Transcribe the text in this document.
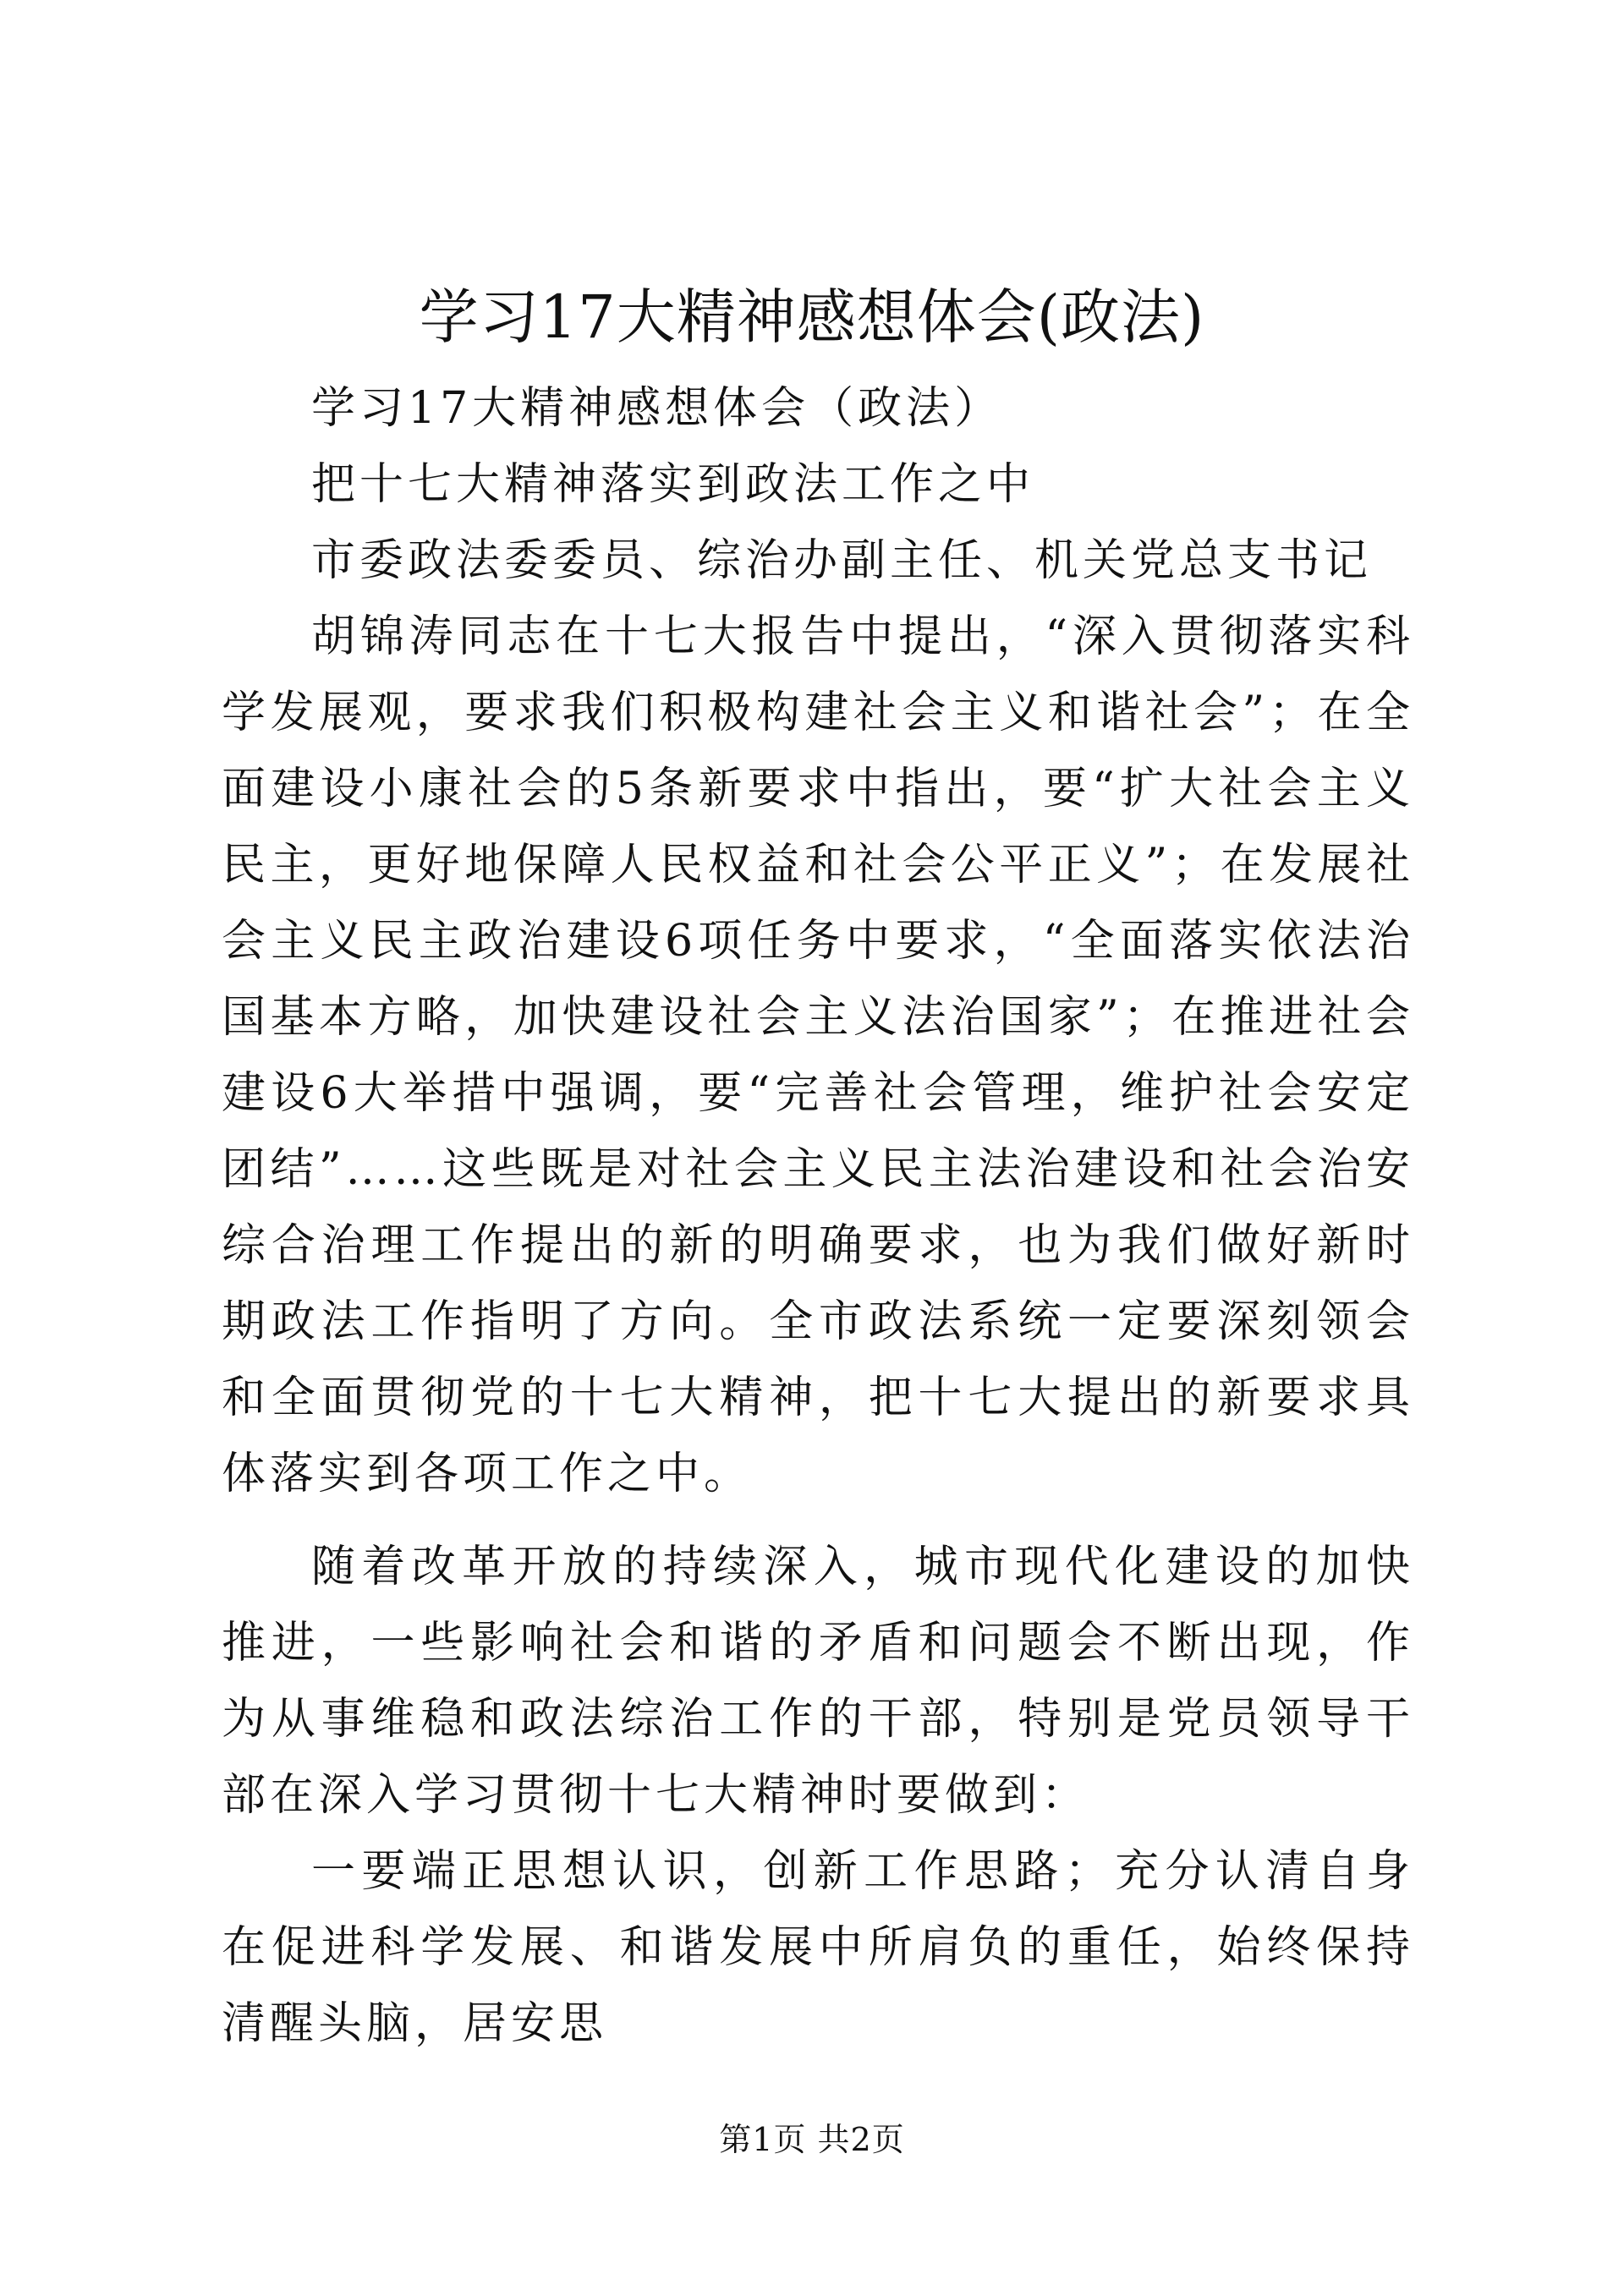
学习17大精神感想体会(政法)

学习17大精神感想体会（政法）

把十七大精神落实到政法工作之中

市委政法委委员、综治办副主任、机关党总支书记

胡锦涛同志在十七大报告中提出，“深入贯彻落实科学发展观，要求我们积极构建社会主义和谐社会”；在全面建设小康社会的5条新要求中指出，要“扩大社会主义民主，更好地保障人民权益和社会公平正义”；在发展社会主义民主政治建设6项任务中要求，“全面落实依法治国基本方略，加快建设社会主义法治国家”；在推进社会建设6大举措中强调，要“完善社会管理，维护社会安定团结”……这些既是对社会主义民主法治建设和社会治安综合治理工作提出的新的明确要求，也为我们做好新时期政法工作指明了方向。全市政法系统一定要深刻领会和全面贯彻党的十七大精神，把十七大提出的新要求具体落实到各项工作之中。

随着改革开放的持续深入，城市现代化建设的加快推进，一些影响社会和谐的矛盾和问题会不断出现，作为从事维稳和政法综治工作的干部，特别是党员领导干部在深入学习贯彻十七大精神时要做到：

一要端正思想认识，创新工作思路；充分认清自身在促进科学发展、和谐发展中所肩负的重任，始终保持清醒头脑，居安思

第1页 共2页
